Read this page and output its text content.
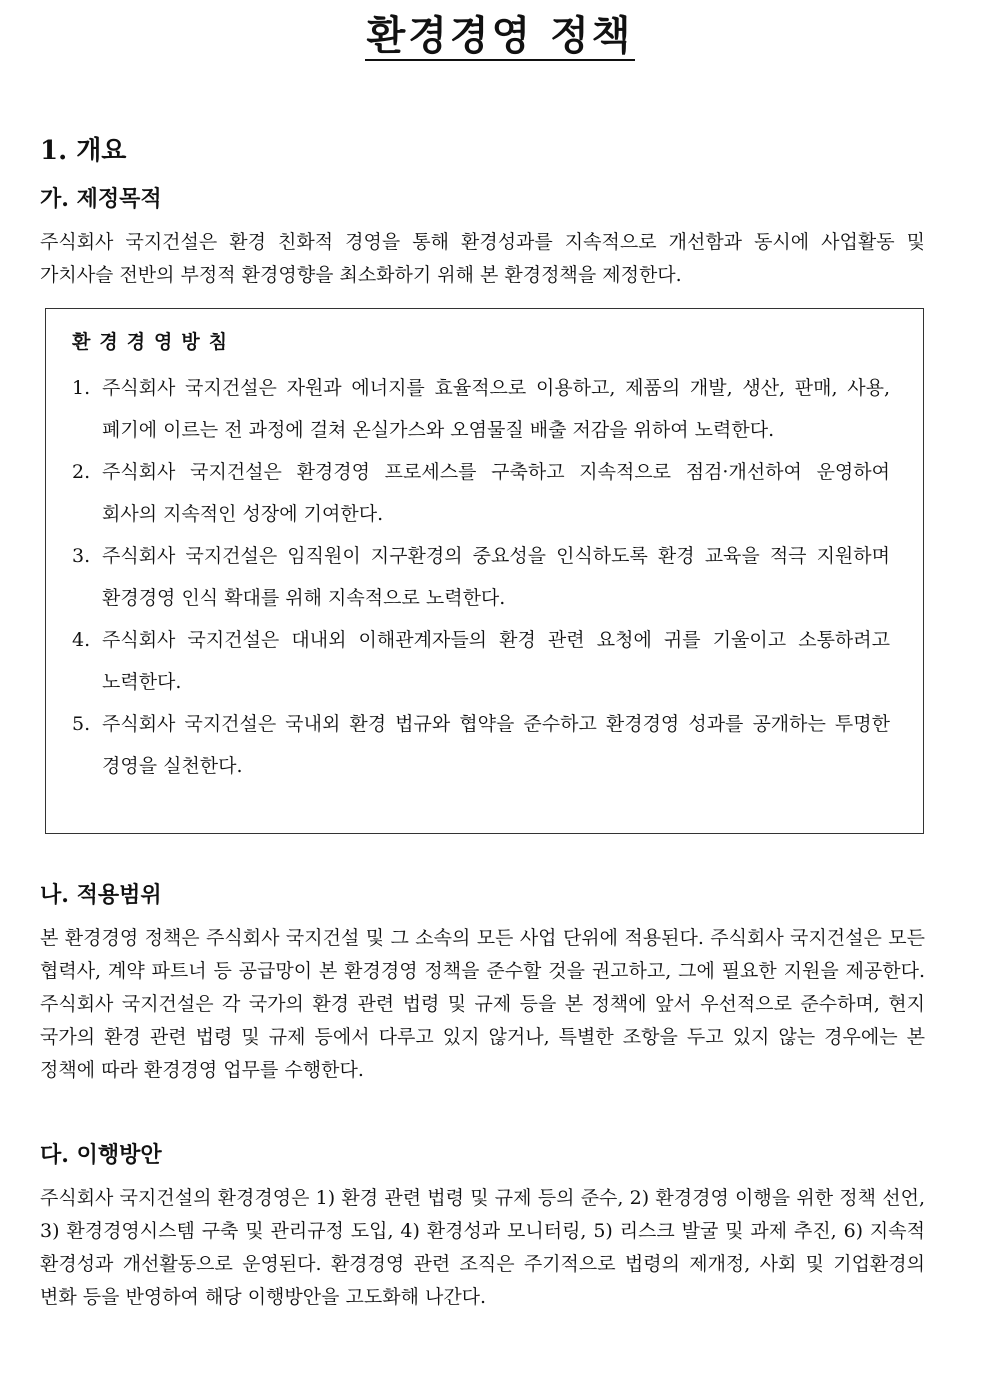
환경경영 정책
1. 개요
가. 제정목적

주식회사 국지건설은 환경 친화적 경영을 통해 환경성과를 지속적으로 개선함과 동시에 사업활동 및 가치사슬 전반의 부정적 환경영향을 최소화하기 위해 본 환경정책을 제정한다.

환경경영방침
1. 주식회사 국지건설은 자원과 에너지를 효율적으로 이용하고, 제품의 개발, 생산, 판매, 사용, 폐기에 이르는 전 과정에 걸쳐 온실가스와 오염물질 배출 저감을 위하여 노력한다.
2. 주식회사 국지건설은 환경경영 프로세스를 구축하고 지속적으로 점검·개선하여 운영하여 회사의 지속적인 성장에 기여한다.
3. 주식회사 국지건설은 임직원이 지구환경의 중요성을 인식하도록 환경 교육을 적극 지원하며 환경경영 인식 확대를 위해 지속적으로 노력한다.
4. 주식회사 국지건설은 대내외 이해관계자들의 환경 관련 요청에 귀를 기울이고 소통하려고 노력한다.
5. 주식회사 국지건설은 국내외 환경 법규와 협약을 준수하고 환경경영 성과를 공개하는 투명한 경영을 실천한다.
나. 적용범위

본 환경경영 정책은 주식회사 국지건설 및 그 소속의 모든 사업 단위에 적용된다. 주식회사 국지건설은 모든 협력사, 계약 파트너 등 공급망이 본 환경경영 정책을 준수할 것을 권고하고, 그에 필요한 지원을 제공한다. 주식회사 국지건설은 각 국가의 환경 관련 법령 및 규제 등을 본 정책에 앞서 우선적으로 준수하며, 현지 국가의 환경 관련 법령 및 규제 등에서 다루고 있지 않거나, 특별한 조항을 두고 있지 않는 경우에는 본 정책에 따라 환경경영 업무를 수행한다.

다. 이행방안

주식회사 국지건설의 환경경영은 1) 환경 관련 법령 및 규제 등의 준수, 2) 환경경영 이행을 위한 정책 선언, 3) 환경경영시스템 구축 및 관리규정 도입, 4) 환경성과 모니터링, 5) 리스크 발굴 및 과제 추진, 6) 지속적 환경성과 개선활동으로 운영된다. 환경경영 관련 조직은 주기적으로 법령의 제개정, 사회 및 기업환경의 변화 등을 반영하여 해당 이행방안을 고도화해 나간다.
